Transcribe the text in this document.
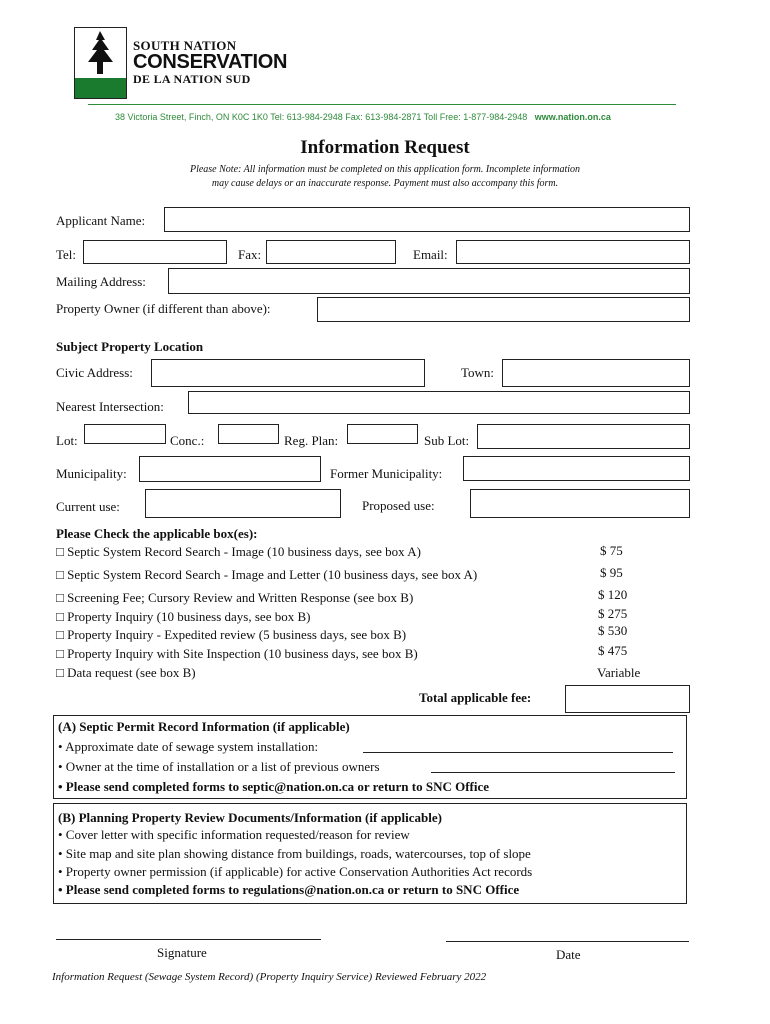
SOUTH NATION
CONSERVATION
DE LA NATION SUD
38 Victoria Street, Finch, ON K0C 1K0 Tel: 613-984-2948 Fax: 613-984-2871 Toll Free: 1-877-984-2948 www.nation.on.ca
Information Request
Please Note: All information must be completed on this application form. Incomplete information
may cause delays or an inaccurate response. Payment must also accompany this form.
Applicant Name:
Tel:	Fax:	Email:
Mailing Address:
Property Owner (if different than above):
Subject Property Location
Civic Address:	Town:
Nearest Intersection:
Lot:	Conc.:	Reg. Plan:	Sub Lot:
Municipality:	Former Municipality:
Current use:	Proposed use:
Please Check the applicable box(es):
□ Septic System Record Search - Image (10 business days, see box A)	$ 75
□ Septic System Record Search - Image and Letter (10 business days, see box A)	$ 95
□ Screening Fee; Cursory Review and Written Response (see box B)	$ 120
□ Property Inquiry (10 business days, see box B)	$ 275
□ Property Inquiry - Expedited review (5 business days, see box B)	$ 530
□ Property Inquiry with Site Inspection (10 business days, see box B)	$ 475
□ Data request (see box B)	Variable
Total applicable fee:
(A) Septic Permit Record Information (if applicable)
• Approximate date of sewage system installation:
• Owner at the time of installation or a list of previous owners
• Please send completed forms to septic@nation.on.ca or return to SNC Office
(B) Planning Property Review Documents/Information (if applicable)
• Cover letter with specific information requested/reason for review
• Site map and site plan showing distance from buildings, roads, watercourses, top of slope
• Property owner permission (if applicable) for active Conservation Authorities Act records
• Please send completed forms to regulations@nation.on.ca or return to SNC Office
Signature	Date
Information Request (Sewage System Record) (Property Inquiry Service) Reviewed February 2022
